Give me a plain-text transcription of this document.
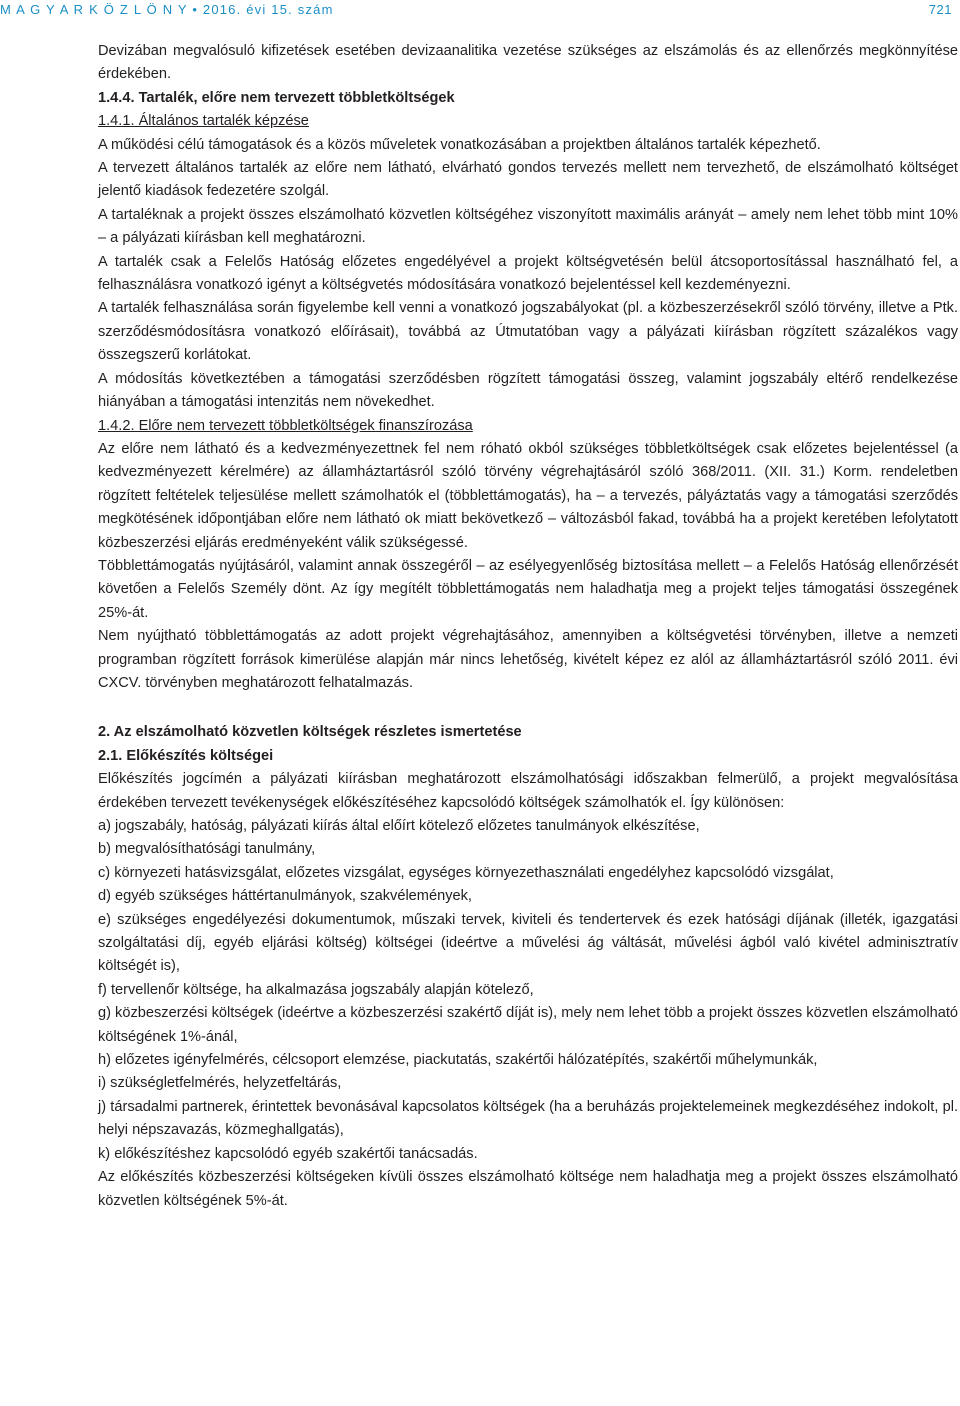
M A G Y A R K Ö Z L Ö N Y • 2016. évi 15. szám	721

Devizában megvalósuló kifizetések esetében devizaanalitika vezetése szükséges az elszámolás és az ellenőrzés megkönnyítése érdekében.

1.4.4. Tartalék, előre nem tervezett többletköltségek

1.4.1. Általános tartalék képzése

A működési célú támogatások és a közös műveletek vonatkozásában a projektben általános tartalék képezhető.

A tervezett általános tartalék az előre nem látható, elvárható gondos tervezés mellett nem tervezhető, de elszámolható költséget jelentő kiadások fedezetére szolgál.

A tartaléknak a projekt összes elszámolható közvetlen költségéhez viszonyított maximális arányát – amely nem lehet több mint 10% – a pályázati kiírásban kell meghatározni.

A tartalék csak a Felelős Hatóság előzetes engedélyével a projekt költségvetésén belül átcsoportosítással használható fel, a felhasználásra vonatkozó igényt a költségvetés módosítására vonatkozó bejelentéssel kell kezdeményezni.

A tartalék felhasználása során figyelembe kell venni a vonatkozó jogszabályokat (pl. a közbeszerzésekről szóló törvény, illetve a Ptk. szerződésmódosításra vonatkozó előírásait), továbbá az Útmutatóban vagy a pályázati kiírásban rögzített százalékos vagy összegszerű korlátokat.

A módosítás következtében a támogatási szerződésben rögzített támogatási összeg, valamint jogszabály eltérő rendelkezése hiányában a támogatási intenzitás nem növekedhet.

1.4.2. Előre nem tervezett többletköltségek finanszírozása

Az előre nem látható és a kedvezményezettnek fel nem róható okból szükséges többletköltségek csak előzetes bejelentéssel (a kedvezményezett kérelmére) az államháztartásról szóló törvény végrehajtásáról szóló 368/2011. (XII. 31.) Korm. rendeletben rögzített feltételek teljesülése mellett számolhatók el (többlettámogatás), ha – a tervezés, pályáztatás vagy a támogatási szerződés megkötésének időpontjában előre nem látható ok miatt bekövetkező – változásból fakad, továbbá ha a projekt keretében lefolytatott közbeszerzési eljárás eredményeként válik szükségessé.

Többlettámogatás nyújtásáról, valamint annak összegéről – az esélyegyenlőség biztosítása mellett – a Felelős Hatóság ellenőrzését követően a Felelős Személy dönt. Az így megítélt többlettámogatás nem haladhatja meg a projekt teljes támogatási összegének 25%-át.

Nem nyújtható többlettámogatás az adott projekt végrehajtásához, amennyiben a költségvetési törvényben, illetve a nemzeti programban rögzített források kimerülése alapján már nincs lehetőség, kivételt képez ez alól az államháztartásról szóló 2011. évi CXCV. törvényben meghatározott felhatalmazás.

2. Az elszámolható közvetlen költségek részletes ismertetése

2.1. Előkészítés költségei

Előkészítés jogcímén a pályázati kiírásban meghatározott elszámolhatósági időszakban felmerülő, a projekt megvalósítása érdekében tervezett tevékenységek előkészítéséhez kapcsolódó költségek számolhatók el. Így különösen:

a) jogszabály, hatóság, pályázati kiírás által előírt kötelező előzetes tanulmányok elkészítése,

b) megvalósíthatósági tanulmány,

c) környezeti hatásvizsgálat, előzetes vizsgálat, egységes környezethasználati engedélyhez kapcsolódó vizsgálat,

d) egyéb szükséges háttértanulmányok, szakvélemények,

e) szükséges engedélyezési dokumentumok, műszaki tervek, kiviteli és tendertervek és ezek hatósági díjának (illeték, igazgatási szolgáltatási díj, egyéb eljárási költség) költségei (ideértve a művelési ág váltását, művelési ágból való kivétel adminisztratív költségét is),

f) tervellenőr költsége, ha alkalmazása jogszabály alapján kötelező,

g) közbeszerzési költségek (ideértve a közbeszerzési szakértő díját is), mely nem lehet több a projekt összes közvetlen elszámolható költségének 1%-ánál,

h) előzetes igényfelmérés, célcsoport elemzése, piackutatás, szakértői hálózatépítés, szakértői műhelymunkák,

i) szükségletfelmérés, helyzetfeltárás,

j) társadalmi partnerek, érintettek bevonásával kapcsolatos költségek (ha a beruházás projektelemeinek megkezdéséhez indokolt, pl. helyi népszavazás, közmeghallgatás),

k) előkészítéshez kapcsolódó egyéb szakértői tanácsadás.

Az előkészítés közbeszerzési költségeken kívüli összes elszámolható költsége nem haladhatja meg a projekt összes elszámolható közvetlen költségének 5%-át.
